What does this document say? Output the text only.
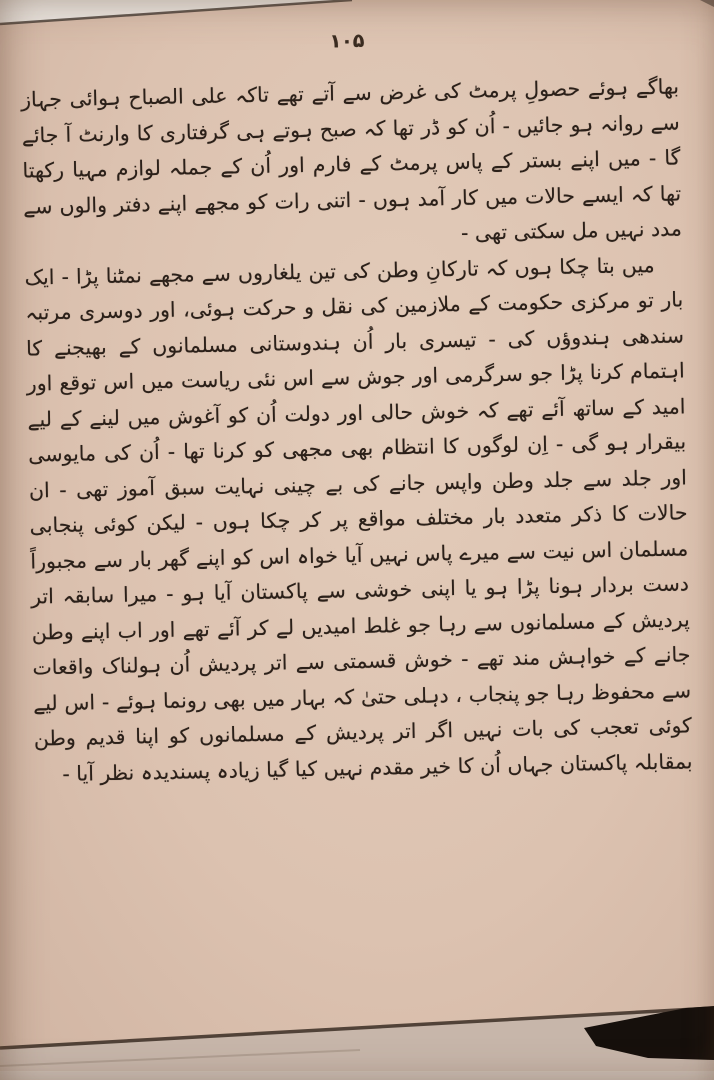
۱۰۵

بھاگے ہوئے حصولِ پرمٹ کی غرض سے آتے تھے تاکہ علی الصباح ہوائی جہاز سے روانہ ہو جائیں - اُن کو ڈر تھا کہ صبح ہوتے ہی گرفتاری کا وارنٹ آ جائے گا - میں اپنے بستر کے پاس پرمٹ کے فارم اور اُن کے جملہ لوازم مہیا رکھتا تھا کہ ایسے حالات میں کار آمد ہوں - اتنی رات کو مجھے اپنے دفتر والوں سے مدد نہیں مل سکتی تھی -

میں بتا چکا ہوں کہ تارکانِ وطن کی تین یلغاروں سے مجھے نمٹنا پڑا - ایک بار تو مرکزی حکومت کے ملازمین کی نقل و حرکت ہوئی، اور دوسری مرتبہ سندھی ہندوؤں کی - تیسری بار اُن ہندوستانی مسلمانوں کے بھیجنے کا اہتمام کرنا پڑا جو سرگرمی اور جوش سے اس نئی ریاست میں اس توقع اور امید کے ساتھ آئے تھے کہ خوش حالی اور دولت اُن کو آغوش میں لینے کے لیے بیقرار ہو گی - اِن لوگوں کا انتظام بھی مجھی کو کرنا تھا - اُن کی مایوسی اور جلد سے جلد وطن واپس جانے کی بے چینی نہایت سبق آموز تھی - ان حالات کا ذکر متعدد بار مختلف مواقع پر کر چکا ہوں - لیکن کوئی پنجابی مسلمان اس نیت سے میرے پاس نہیں آیا خواہ اس کو اپنے گھر بار سے مجبوراً دست بردار ہونا پڑا ہو یا اپنی خوشی سے پاکستان آیا ہو - میرا سابقہ اتر پردیش کے مسلمانوں سے رہا جو غلط امیدیں لے کر آئے تھے اور اب اپنے وطن جانے کے خواہش مند تھے - خوش قسمتی سے اتر پردیش اُن ہولناک واقعات سے محفوظ رہا جو پنجاب ، دہلی حتیٰ کہ بہار میں بھی رونما ہوئے - اس لیے کوئی تعجب کی بات نہیں اگر اتر پردیش کے مسلمانوں کو اپنا قدیم وطن بمقابلہ پاکستان جہاں اُن کا خیر مقدم نہیں کیا گیا زیادہ پسندیدہ نظر آیا -
